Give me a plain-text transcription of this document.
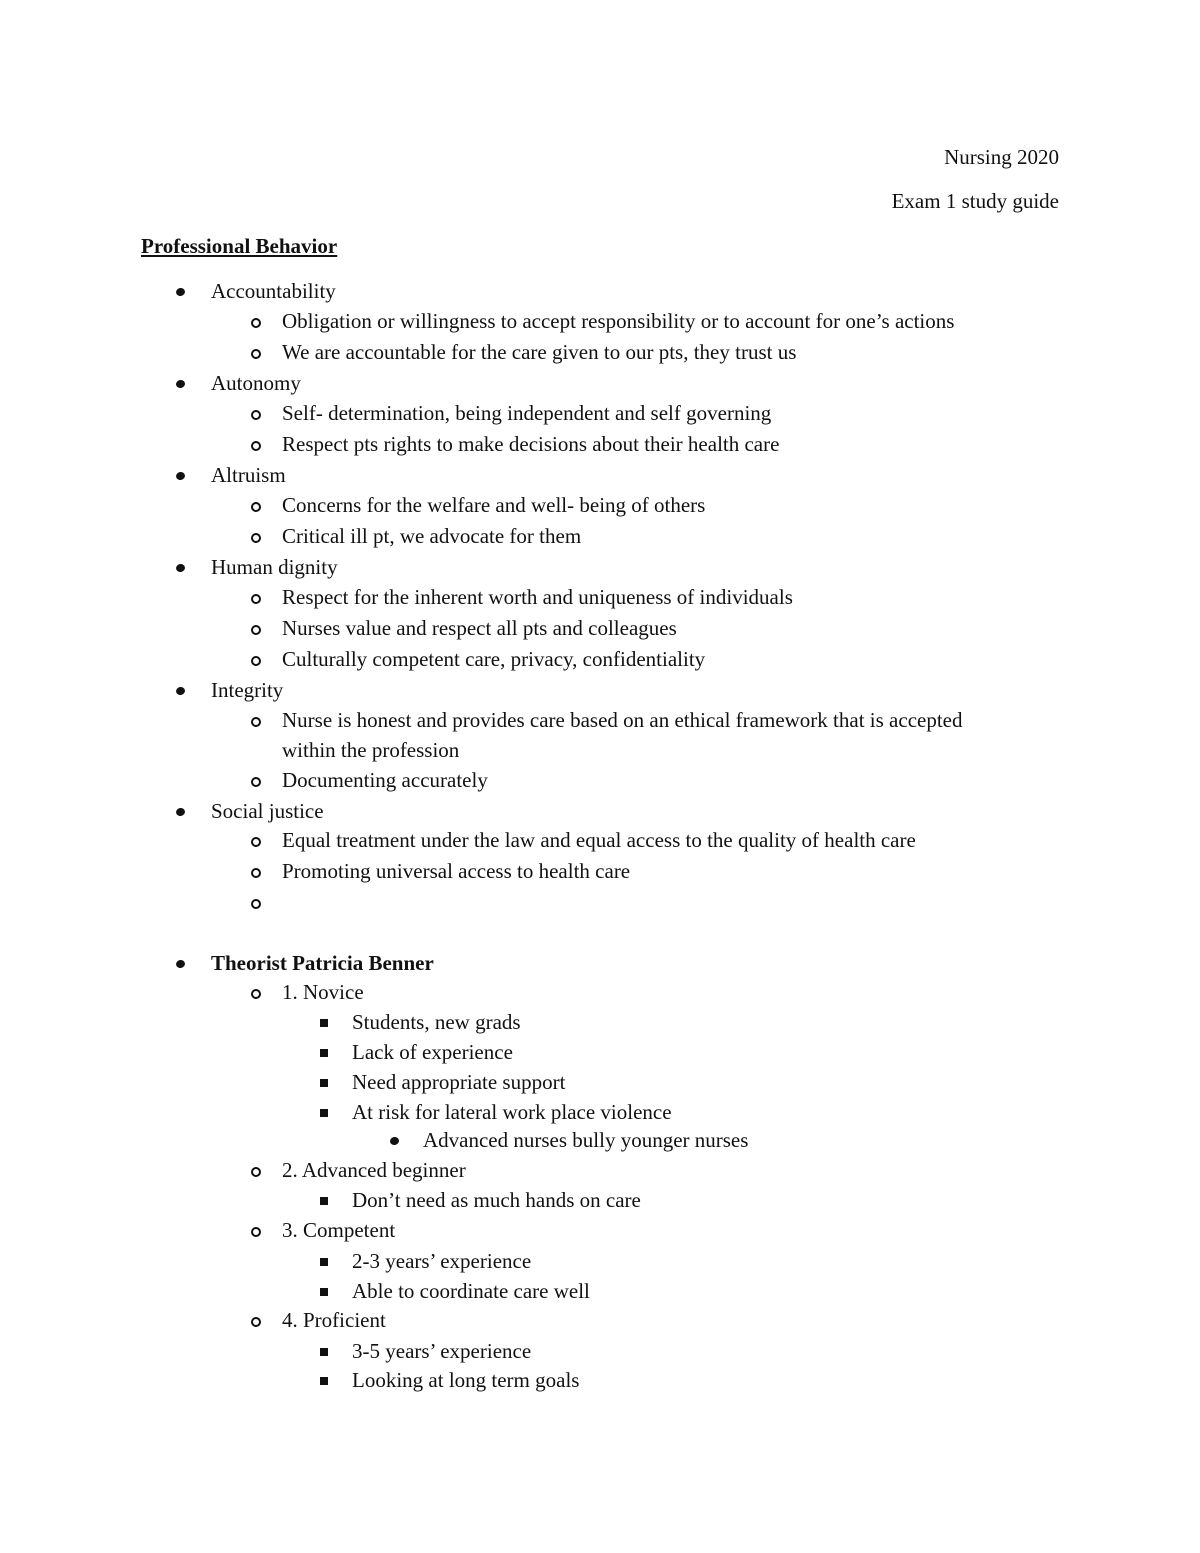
Nursing 2020
Exam 1 study guide
Professional Behavior
Accountability
Obligation or willingness to accept responsibility or to account for one’s actions
We are accountable for the care given to our pts, they trust us
Autonomy
Self- determination, being independent and self governing
Respect pts rights to make decisions about their health care
Altruism
Concerns for the welfare and well- being of others
Critical ill pt, we advocate for them
Human dignity
Respect for the inherent worth and uniqueness of individuals
Nurses value and respect all pts and colleagues
Culturally competent care, privacy, confidentiality
Integrity
Nurse is honest and provides care based on an ethical framework that is accepted
within the profession
Documenting accurately
Social justice
Equal treatment under the law and equal access to the quality of health care
Promoting universal access to health care
Theorist Patricia Benner
1. Novice
Students, new grads
Lack of experience
Need appropriate support
At risk for lateral work place violence
Advanced nurses bully younger nurses
2. Advanced beginner
Don’t need as much hands on care
3. Competent
2-3 years’ experience
Able to coordinate care well
4. Proficient
3-5 years’ experience
Looking at long term goals
